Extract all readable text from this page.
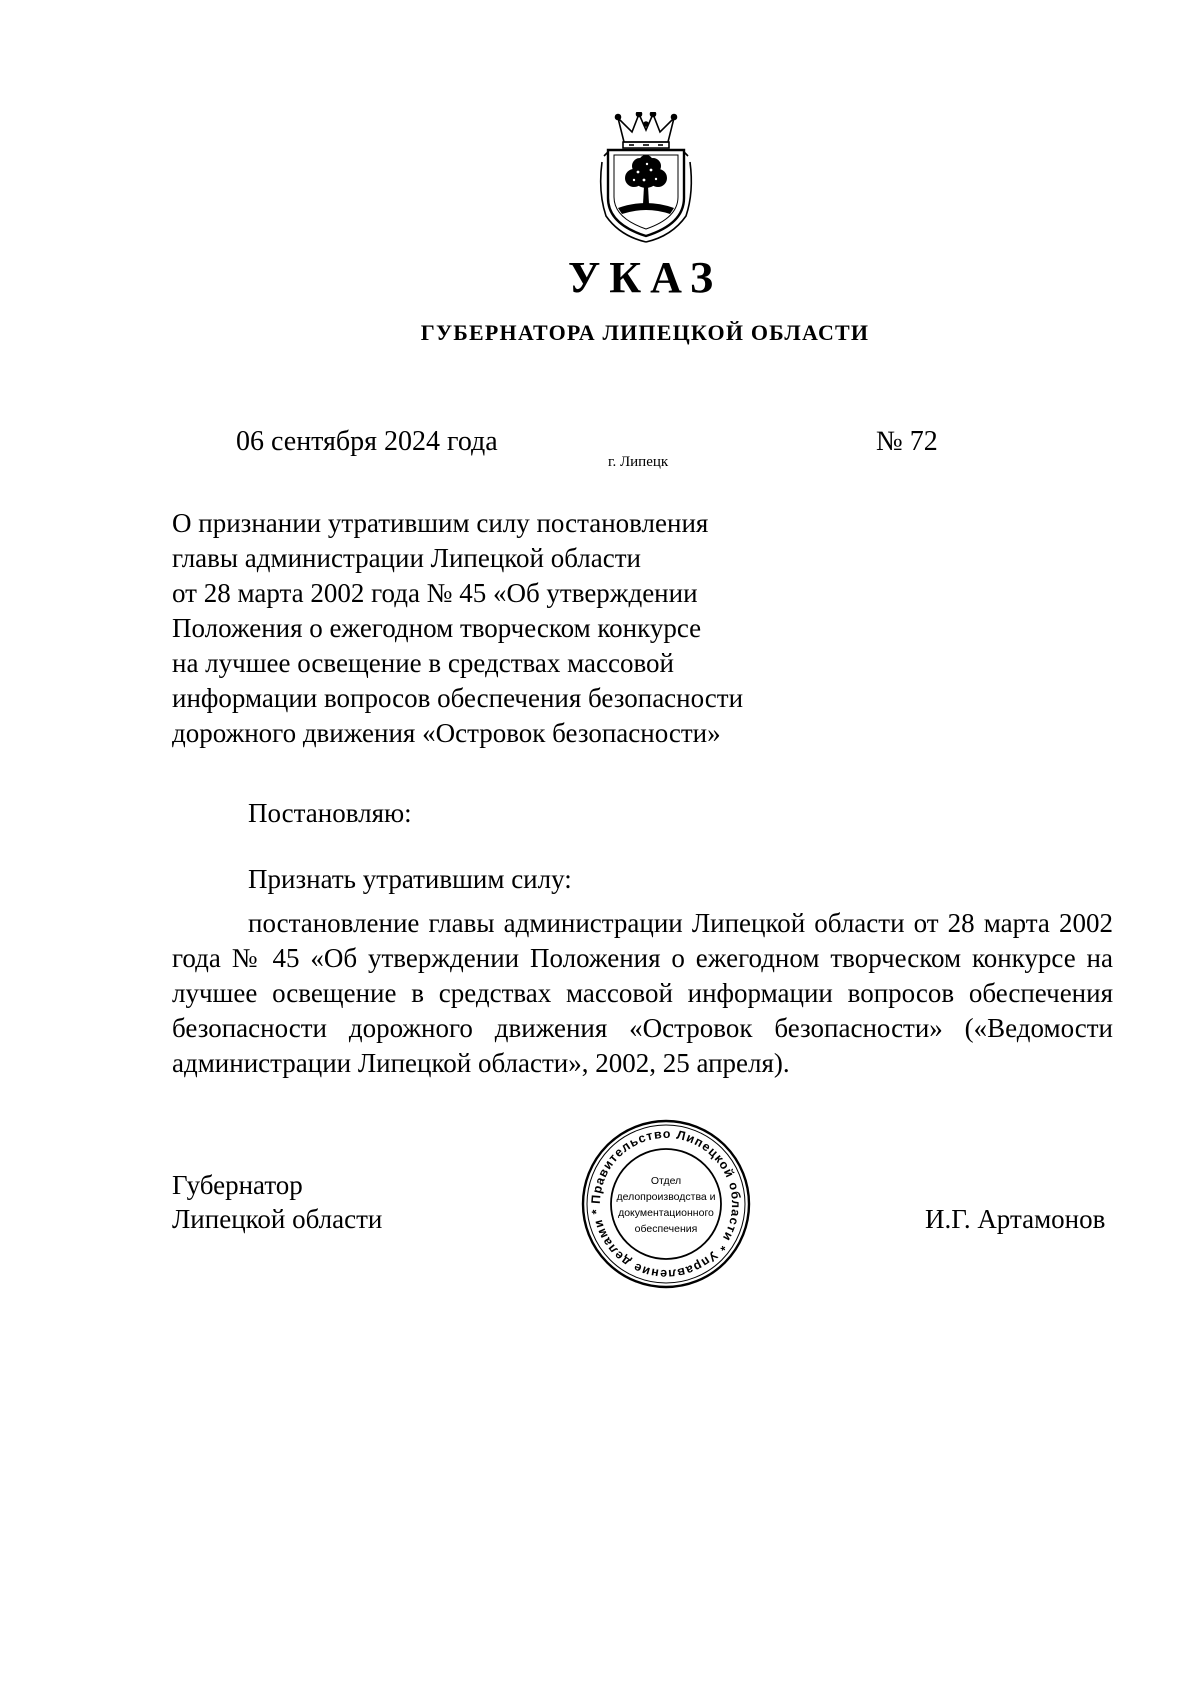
УКАЗ
ГУБЕРНАТОРА ЛИПЕЦКОЙ ОБЛАСТИ
06 сентября 2024 года
г. Липецк
№ 72
О признании утратившим силу постановления
главы администрации Липецкой области
от 28 марта 2002 года № 45 «Об утверждении
Положения о ежегодном творческом конкурсе
на лучшее освещение в средствах массовой
информации вопросов обеспечения безопасности
дорожного движения «Островок безопасности»
Постановляю:
Признать утратившим силу:

постановление главы администрации Липецкой области от 28 марта 2002 года № 45 «Об утверждении Положения о ежегодном творческом конкурсе на лучшее освещение в средствах массовой информации вопросов обеспечения безопасности дорожного движения «Островок безопасности» («Ведомости администрации Липецкой области», 2002, 25 апреля).

Губернатор
Липецкой области	И.Г. Артамонов
Правительство Липецкой области * Управление делами *
Отдел
делопроизводства и
документационного
обеспечения
